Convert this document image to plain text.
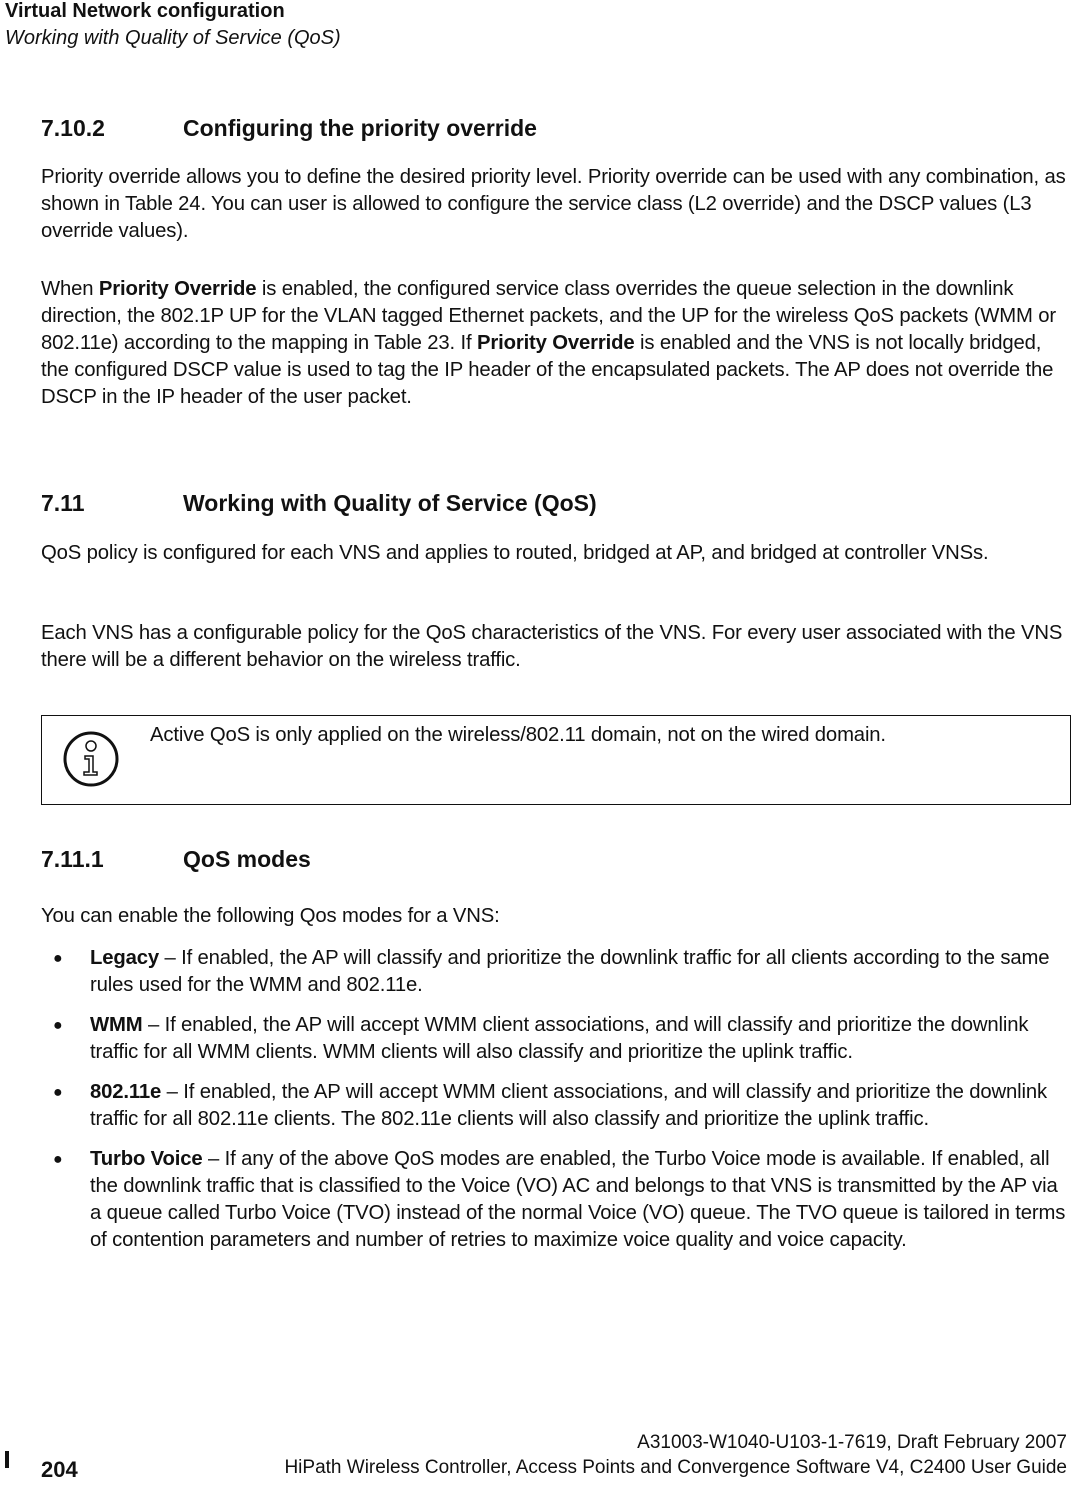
Virtual Network configuration
Working with Quality of Service (QoS)
7.10.2	Configuring the priority override

Priority override allows you to define the desired priority level. Priority override can be used with any combination, as shown in Table 24. You can user is allowed to configure the service class (L2 override) and the DSCP values (L3 override values).

When Priority Override is enabled, the configured service class overrides the queue selection in the downlink direction, the 802.1P UP for the VLAN tagged Ethernet packets, and the UP for the wireless QoS packets (WMM or 802.11e) according to the mapping in Table 23. If Priority Override is enabled and the VNS is not locally bridged, the configured DSCP value is used to tag the IP header of the encapsulated packets. The AP does not override the DSCP in the IP header of the user packet.

7.11	Working with Quality of Service (QoS)

QoS policy is configured for each VNS and applies to routed, bridged at AP, and bridged at controller VNSs.

Each VNS has a configurable policy for the QoS characteristics of the VNS. For every user associated with the VNS there will be a different behavior on the wireless traffic.

Active QoS is only applied on the wireless/802.11 domain, not on the wired domain.
7.11.1	QoS modes

You can enable the following Qos modes for a VNS:

● Legacy – If enabled, the AP will classify and prioritize the downlink traffic for all clients according to the same rules used for the WMM and 802.11e.
● WMM – If enabled, the AP will accept WMM client associations, and will classify and prioritize the downlink traffic for all WMM clients. WMM clients will also classify and prioritize the uplink traffic.
● 802.11e – If enabled, the AP will accept WMM client associations, and will classify and prioritize the downlink traffic for all 802.11e clients. The 802.11e clients will also classify and prioritize the uplink traffic.
● Turbo Voice – If any of the above QoS modes are enabled, the Turbo Voice mode is available. If enabled, all the downlink traffic that is classified to the Voice (VO) AC and belongs to that VNS is transmitted by the AP via a queue called Turbo Voice (TVO) instead of the normal Voice (VO) queue. The TVO queue is tailored in terms of contention parameters and number of retries to maximize voice quality and voice capacity.
204
A31003-W1040-U103-1-7619, Draft February 2007
HiPath Wireless Controller, Access Points and Convergence Software V4, C2400 User Guide
